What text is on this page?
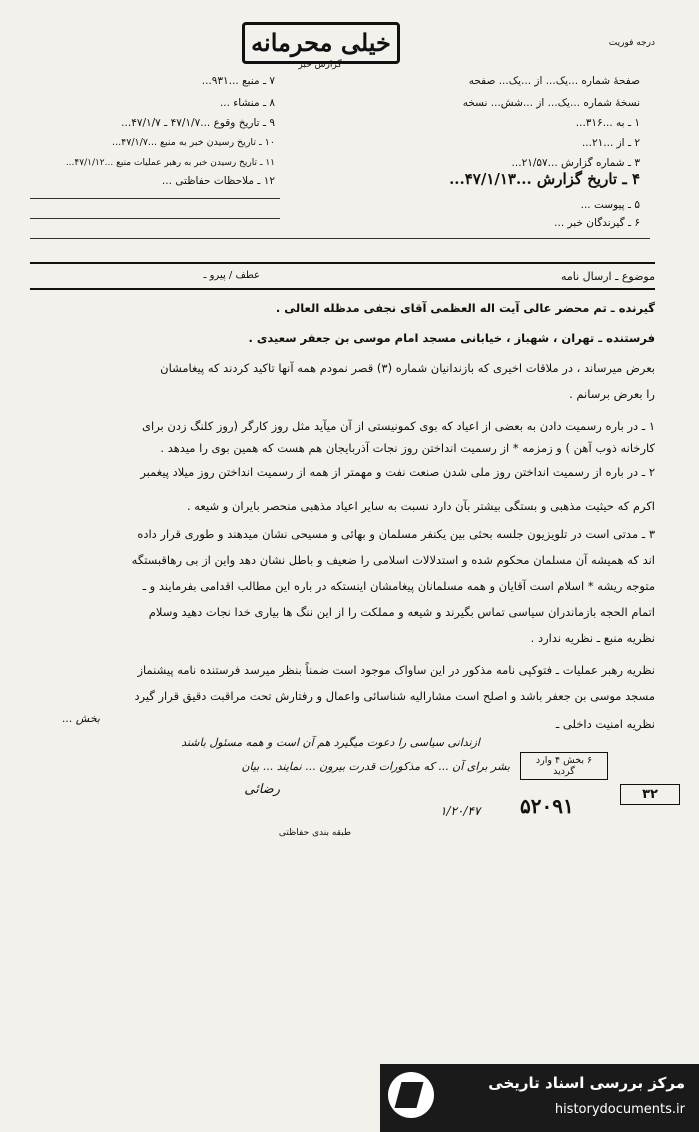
خیلی محرمانه
گزارش خبر
درجه فوریت
صفحهٔ شماره ...یک... از ...یک... صفحه
نسخهٔ شماره ...یک... از ...شش... نسخه
۱ ـ به ...۳۱۶...
۲ ـ از ...۲۱...
۳ ـ شماره گزارش ...۲۱/۵۷...
۴ ـ تاریخ گزارش ...۴۷/۱/۱۳...
۵ ـ پیوست ...
۶ ـ گیرندگان خبر ...
۷ ـ منبع ...۹۳۱...
۸ ـ منشاء ...
۹ ـ تاریخ وقوع ...۴۷/۱/۷ ـ ۴۷/۱/۷...
۱۰ ـ تاریخ رسیدن خبر به منبع ...۴۷/۱/۷...
۱۱ ـ تاریخ رسیدن خبر به رهبر عملیات منبع ...۴۷/۱/۱۲...
۱۲ ـ ملاحظات حفاظتی ...
موضوع ـ ارسال نامه
عطف / پیرو ـ
گیرنده ـ تم محضر عالی آیت اله العظمی آقای نجفی مدظله العالی .
فرستنده ـ تهران ، شهباز ، خیابانی مسجد امام موسی بن جعفر سعیدی .
بعرض میرساند ، در ملاقات اخیری که بازندانیان شماره (۳) قصر نمودم همه آنها تاکید کردند که پیغامشان
را بعرض برسانم .
۱ ـ در باره رسمیت دادن به بعضی از اعیاد که بوی کمونیستی از آن میآید مثل روز کارگر (روز کلنگ زدن برای
کارخانه ذوب آهن ) و زمزمه * از رسمیت انداختن روز نجات آذربایجان هم هست که همین بوی را میدهد .
۲ ـ در باره از رسمیت انداختن روز ملی شدن صنعت نفت و مهمتر از همه از رسمیت انداختن روز میلاد پیغمبر
اکرم که حیثیت مذهبی و بستگی بیشتر بآن دارد نسبت به سایر اعیاد مذهبی منحصر بایران و شیعه .
۳ ـ مدتی است در تلویزیون جلسه بحثی بین یکنفر مسلمان و بهائی و مسیحی نشان میدهند و طوری قرار داده
اند که همیشه آن مسلمان محکوم شده و استدلالات اسلامی را ضعیف و باطل نشان دهد واین از بی رهاقبستگه
متوجه ریشه * اسلام است آقایان و همه مسلمانان پیغامشان اینستکه در باره این مطالب اقدامی بفرمایند و ـ
اتمام الحجه بازماندران سیاسی تماس بگیرند و شیعه و مملکت را از این ننگ ها بیاری خدا نجات دهید وسلام
نظریه منبع ـ نظریه ندارد .
نظریه رهبر عملیات ـ فتوکپی نامه مذکور در این ساواک موجود است ضمناً بنظر میرسد فرستنده نامه پیشنماز
مسجد موسی بن جعفر باشد و اصلح است مشارالیه شناسائی واعمال و رفتارش تحت مراقبت دقیق قرار گیرد
نظریه امنیت داخلی ـ
ازندانی سیاسی را دعوت میگیرد هم آن است و همه مسئول باشند
بشر برای آن ... که مذکورات قدرت بیرون ... نمایند ... بیان
رضائی
بخش ...
۶ بخش ۴ وارد گردید
۳۲
۵۲۰۹۱
۱/۲۰/۴۷
طبقه بندی حفاظتی
مرکز بررسی اسناد تاریخی
historydocuments.ir
